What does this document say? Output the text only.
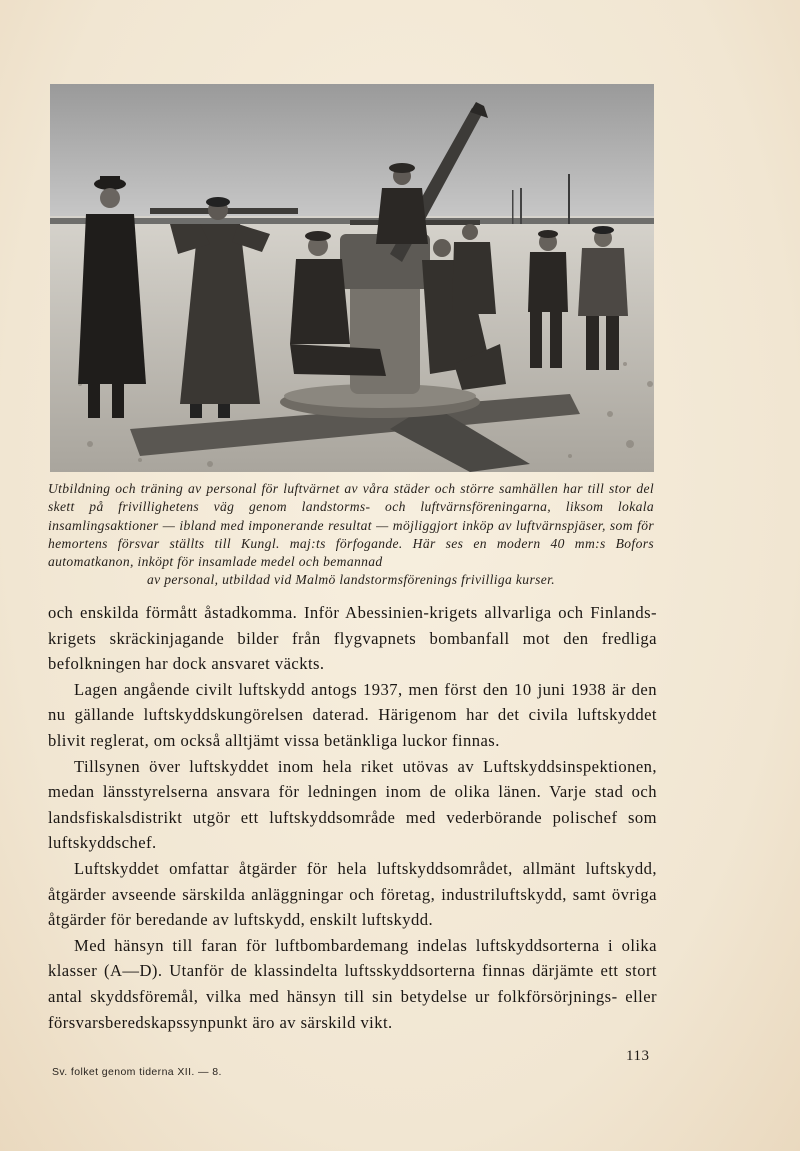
Utbildning och träning av personal för luftvärnet av våra städer och större samhällen har till stor del skett på frivillighetens väg genom landstorms- och luftvärnsföreningarna, liksom lokala insamlingsaktioner — ibland med imponerande resultat — möjliggjort inköp av luftvärnspjäser, som för hemortens försvar ställts till Kungl. maj:ts förfogande. Här ses en modern 40 mm:s Bofors automatkanon, inköpt för insamlade medel och bemannad
av personal, utbildad vid Malmö landstormsförenings frivilliga kurser.

och enskilda förmått åstadkomma. Inför Abessinien-krigets allvarliga och Finlands-krigets skräckinjagande bilder från flygvapnets bombanfall mot den fredliga befolkningen har dock ansvaret väckts.

Lagen angående civilt luftskydd antogs 1937, men först den 10 juni 1938 är den nu gällande luftskyddskungörelsen daterad. Härigenom har det civila luftskyddet blivit reglerat, om också alltjämt vissa betänkliga luckor finnas.

Tillsynen över luftskyddet inom hela riket utövas av Luftskyddsinspektionen, medan länsstyrelserna ansvara för ledningen inom de olika länen. Varje stad och landsfiskalsdistrikt utgör ett luftskyddsområde med vederbörande polischef som luftskyddschef.

Luftskyddet omfattar åtgärder för hela luftskyddsområdet, allmänt luftskydd, åtgärder avseende särskilda anläggningar och företag, industriluftskydd, samt övriga åtgärder för beredande av luftskydd, enskilt luftskydd.

Med hänsyn till faran för luftbombardemang indelas luftskyddsorterna i olika klasser (A—D). Utanför de klassindelta luftsskyddsorterna finnas därjämte ett stort antal skyddsföremål, vilka med hänsyn till sin betydelse ur folkförsörjnings- eller försvarsberedskapssynpunkt äro av särskild vikt.

113
Sv. folket genom tiderna XII. — 8.
